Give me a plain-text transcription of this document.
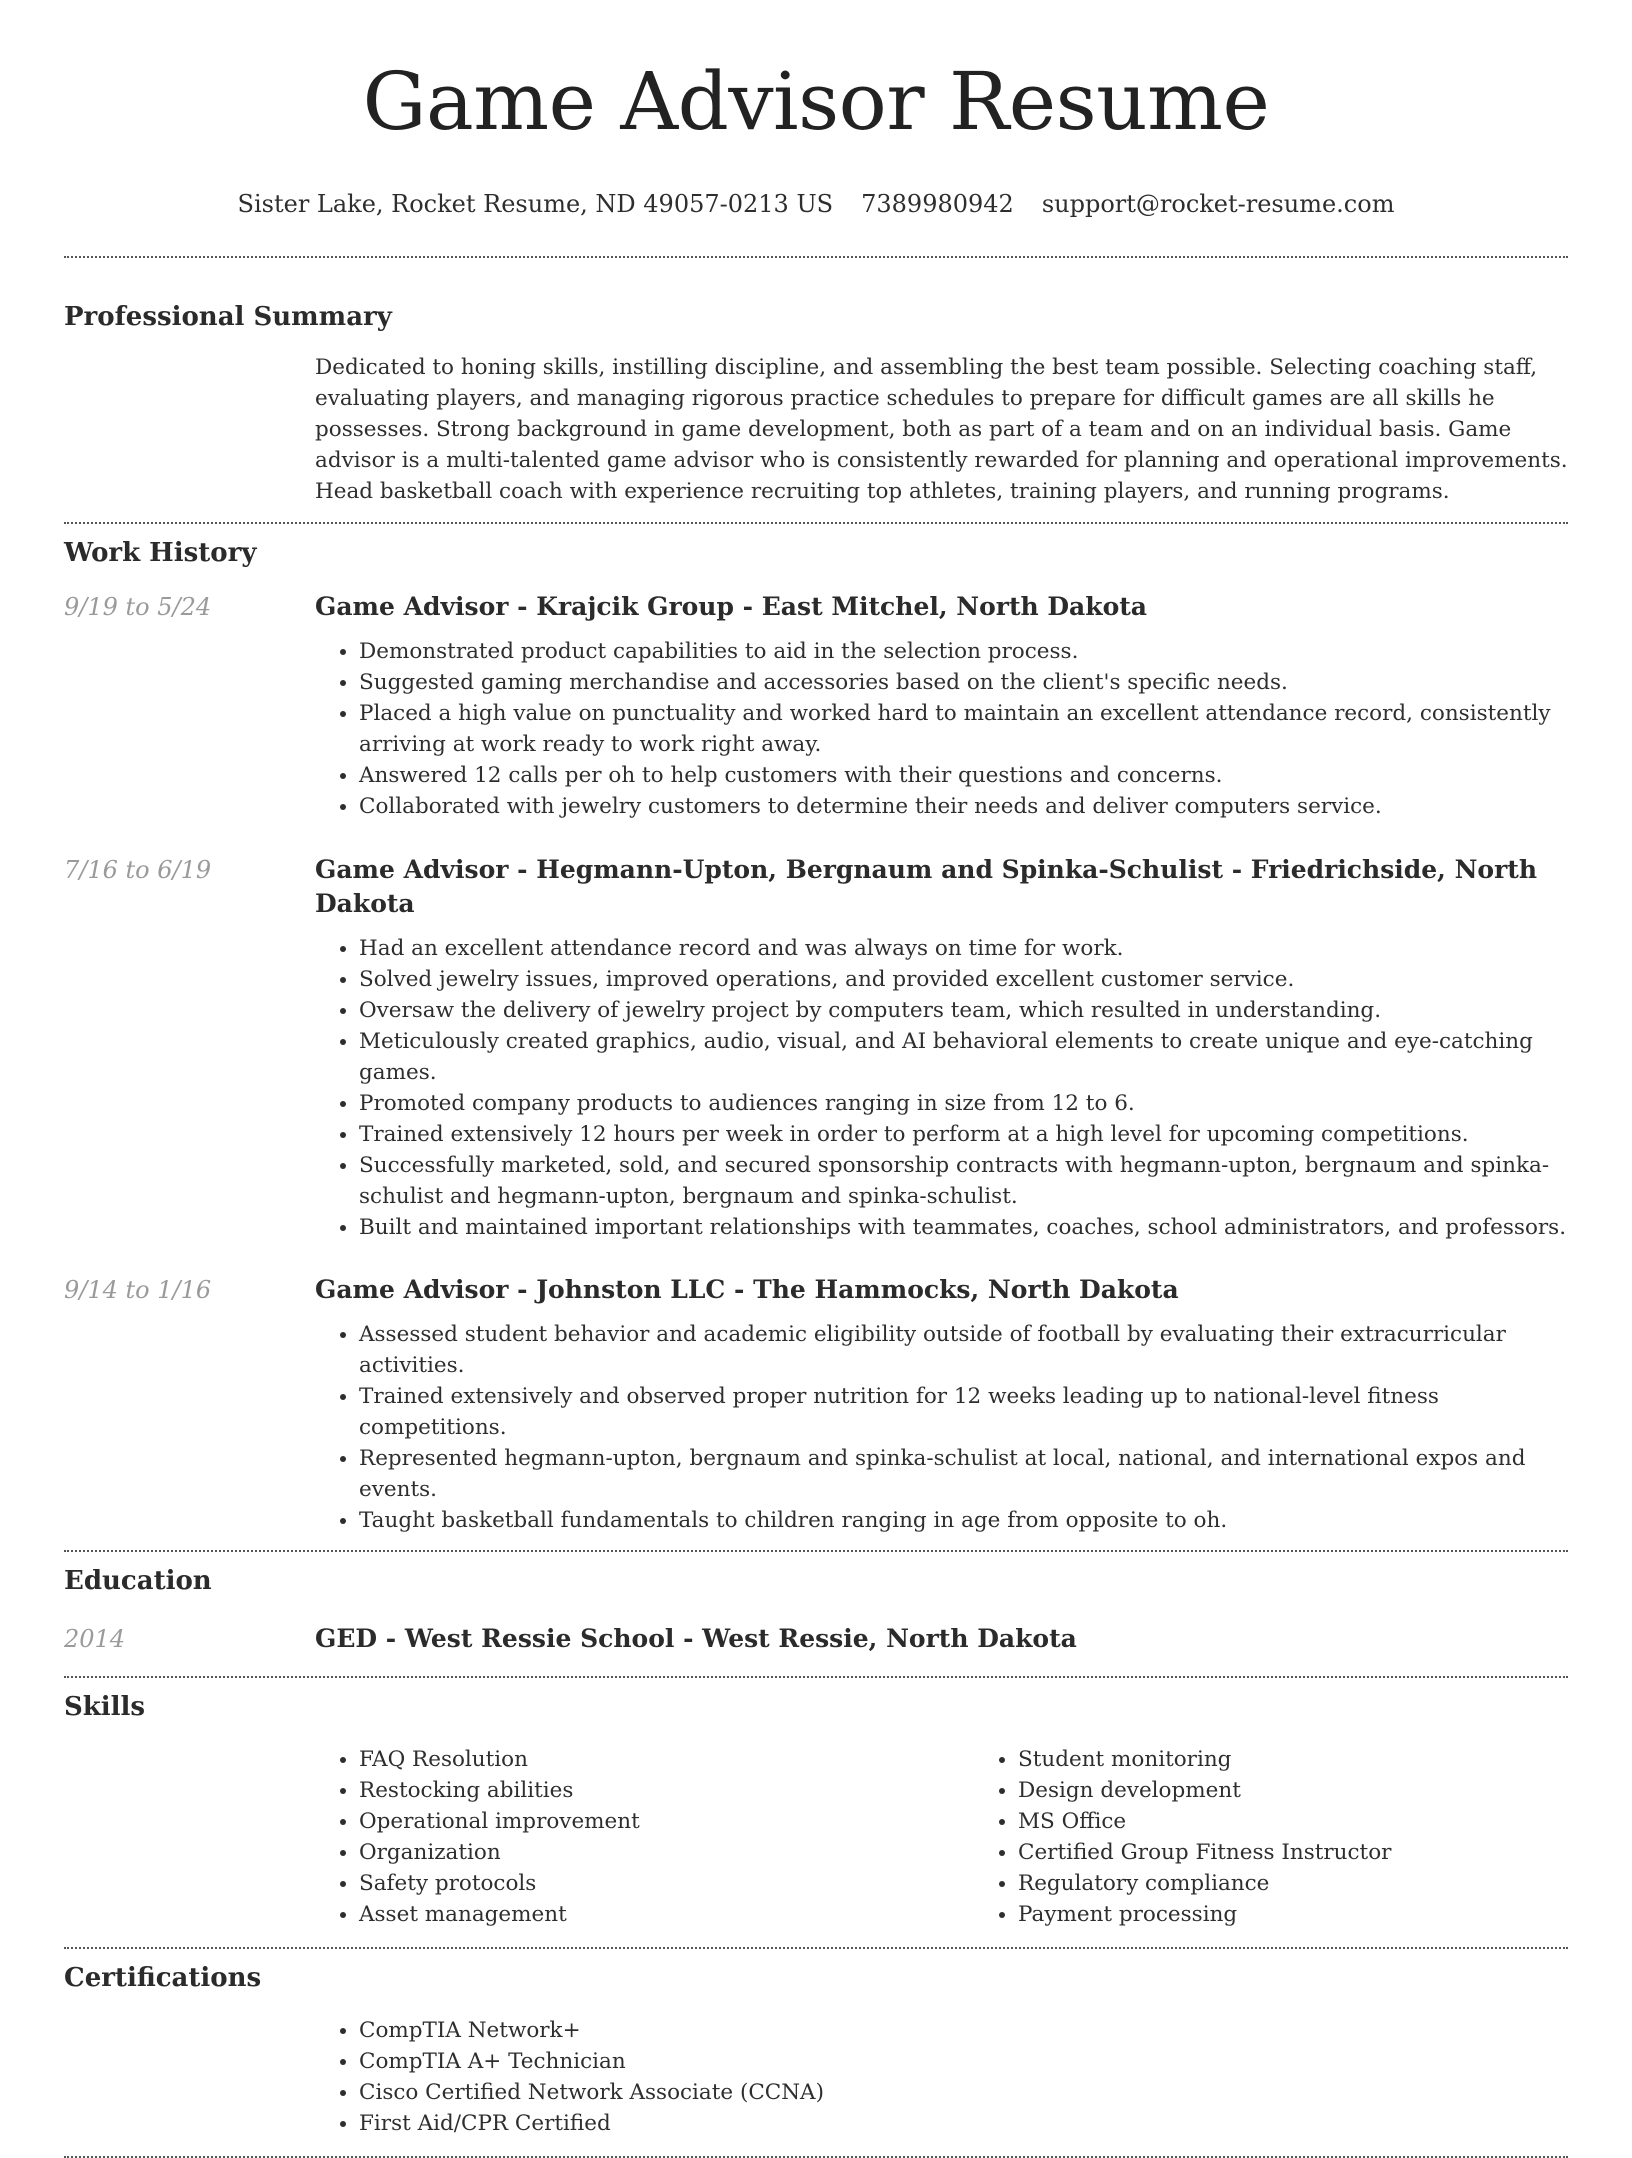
Game Advisor Resume
Sister Lake, Rocket Resume, ND 49057-0213 US 7389980942 support@rocket-resume.com
Professional Summary

Dedicated to honing skills, instilling discipline, and assembling the best team possible. Selecting coaching staff, evaluating players, and managing rigorous practice schedules to prepare for difficult games are all skills he possesses. Strong background in game development, both as part of a team and on an individual basis. Game advisor is a multi-talented game advisor who is consistently rewarded for planning and operational improvements. Head basketball coach with experience recruiting top athletes, training players, and running programs.

Work History
9/19 to 5/24	Game Advisor - Krajcik Group - East Mitchel, North Dakota
• Demonstrated product capabilities to aid in the selection process.
• Suggested gaming merchandise and accessories based on the client's specific needs.
• Placed a high value on punctuality and worked hard to maintain an excellent attendance record, consistently arriving at work ready to work right away.
• Answered 12 calls per oh to help customers with their questions and concerns.
• Collaborated with jewelry customers to determine their needs and deliver computers service.
7/16 to 6/19	Game Advisor - Hegmann-Upton, Bergnaum and Spinka-Schulist - Friedrichside, North Dakota
• Had an excellent attendance record and was always on time for work.
• Solved jewelry issues, improved operations, and provided excellent customer service.
• Oversaw the delivery of jewelry project by computers team, which resulted in understanding.
• Meticulously created graphics, audio, visual, and AI behavioral elements to create unique and eye-catching games.
• Promoted company products to audiences ranging in size from 12 to 6.
• Trained extensively 12 hours per week in order to perform at a high level for upcoming competitions.
• Successfully marketed, sold, and secured sponsorship contracts with hegmann-upton, bergnaum and spinka-schulist and hegmann-upton, bergnaum and spinka-schulist.
• Built and maintained important relationships with teammates, coaches, school administrators, and professors.
9/14 to 1/16	Game Advisor - Johnston LLC - The Hammocks, North Dakota
• Assessed student behavior and academic eligibility outside of football by evaluating their extracurricular activities.
• Trained extensively and observed proper nutrition for 12 weeks leading up to national-level fitness competitions.
• Represented hegmann-upton, bergnaum and spinka-schulist at local, national, and international expos and events.
• Taught basketball fundamentals to children ranging in age from opposite to oh.
Education
2014	GED - West Ressie School - West Ressie, North Dakota
Skills
• FAQ Resolution
• Restocking abilities
• Operational improvement
• Organization
• Safety protocols
• Asset management
• Student monitoring
• Design development
• MS Office
• Certified Group Fitness Instructor
• Regulatory compliance
• Payment processing
Certifications
• CompTIA Network+
• CompTIA A+ Technician
• Cisco Certified Network Associate (CCNA)
• First Aid/CPR Certified
